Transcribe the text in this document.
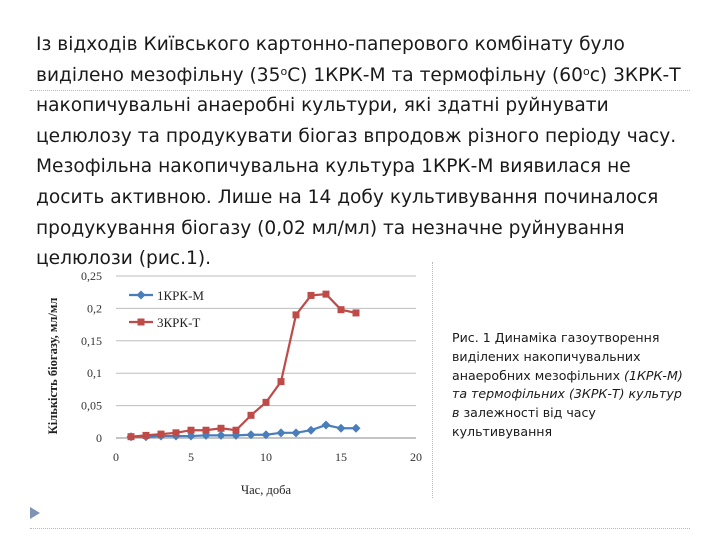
Із відходів Київського картонно-паперового комбінату було виділено мезофільну $(35^оС)$ 1КРК-М та термофільну $(60^ос)$ 3КРК-Т накопичувальні анаеробні культури, які здатні руйнувати целюлозу та продукувати біогаз впродовж різного періоду часу. Мезофільна накопичувальна культура 1КРК-М виявилася не досить активною. Лише на 14 добу культивування починалося продукування біогазу (0,02 мл/мл) та незначне руйнування целюлози (рис.1).

0
0,05
0,1
0,15
0,2
0,25
0	5	10	15	20
1КРК-М
3КРК-Т
Час, доба
Кількість біогазу, мл/мл	Рис. 1 Динаміка газоутворення виділених накопичувальних анаеробних мезофільних (1КРК-М) та термофільних (3КРК-Т) культур в залежності від часу культивування
